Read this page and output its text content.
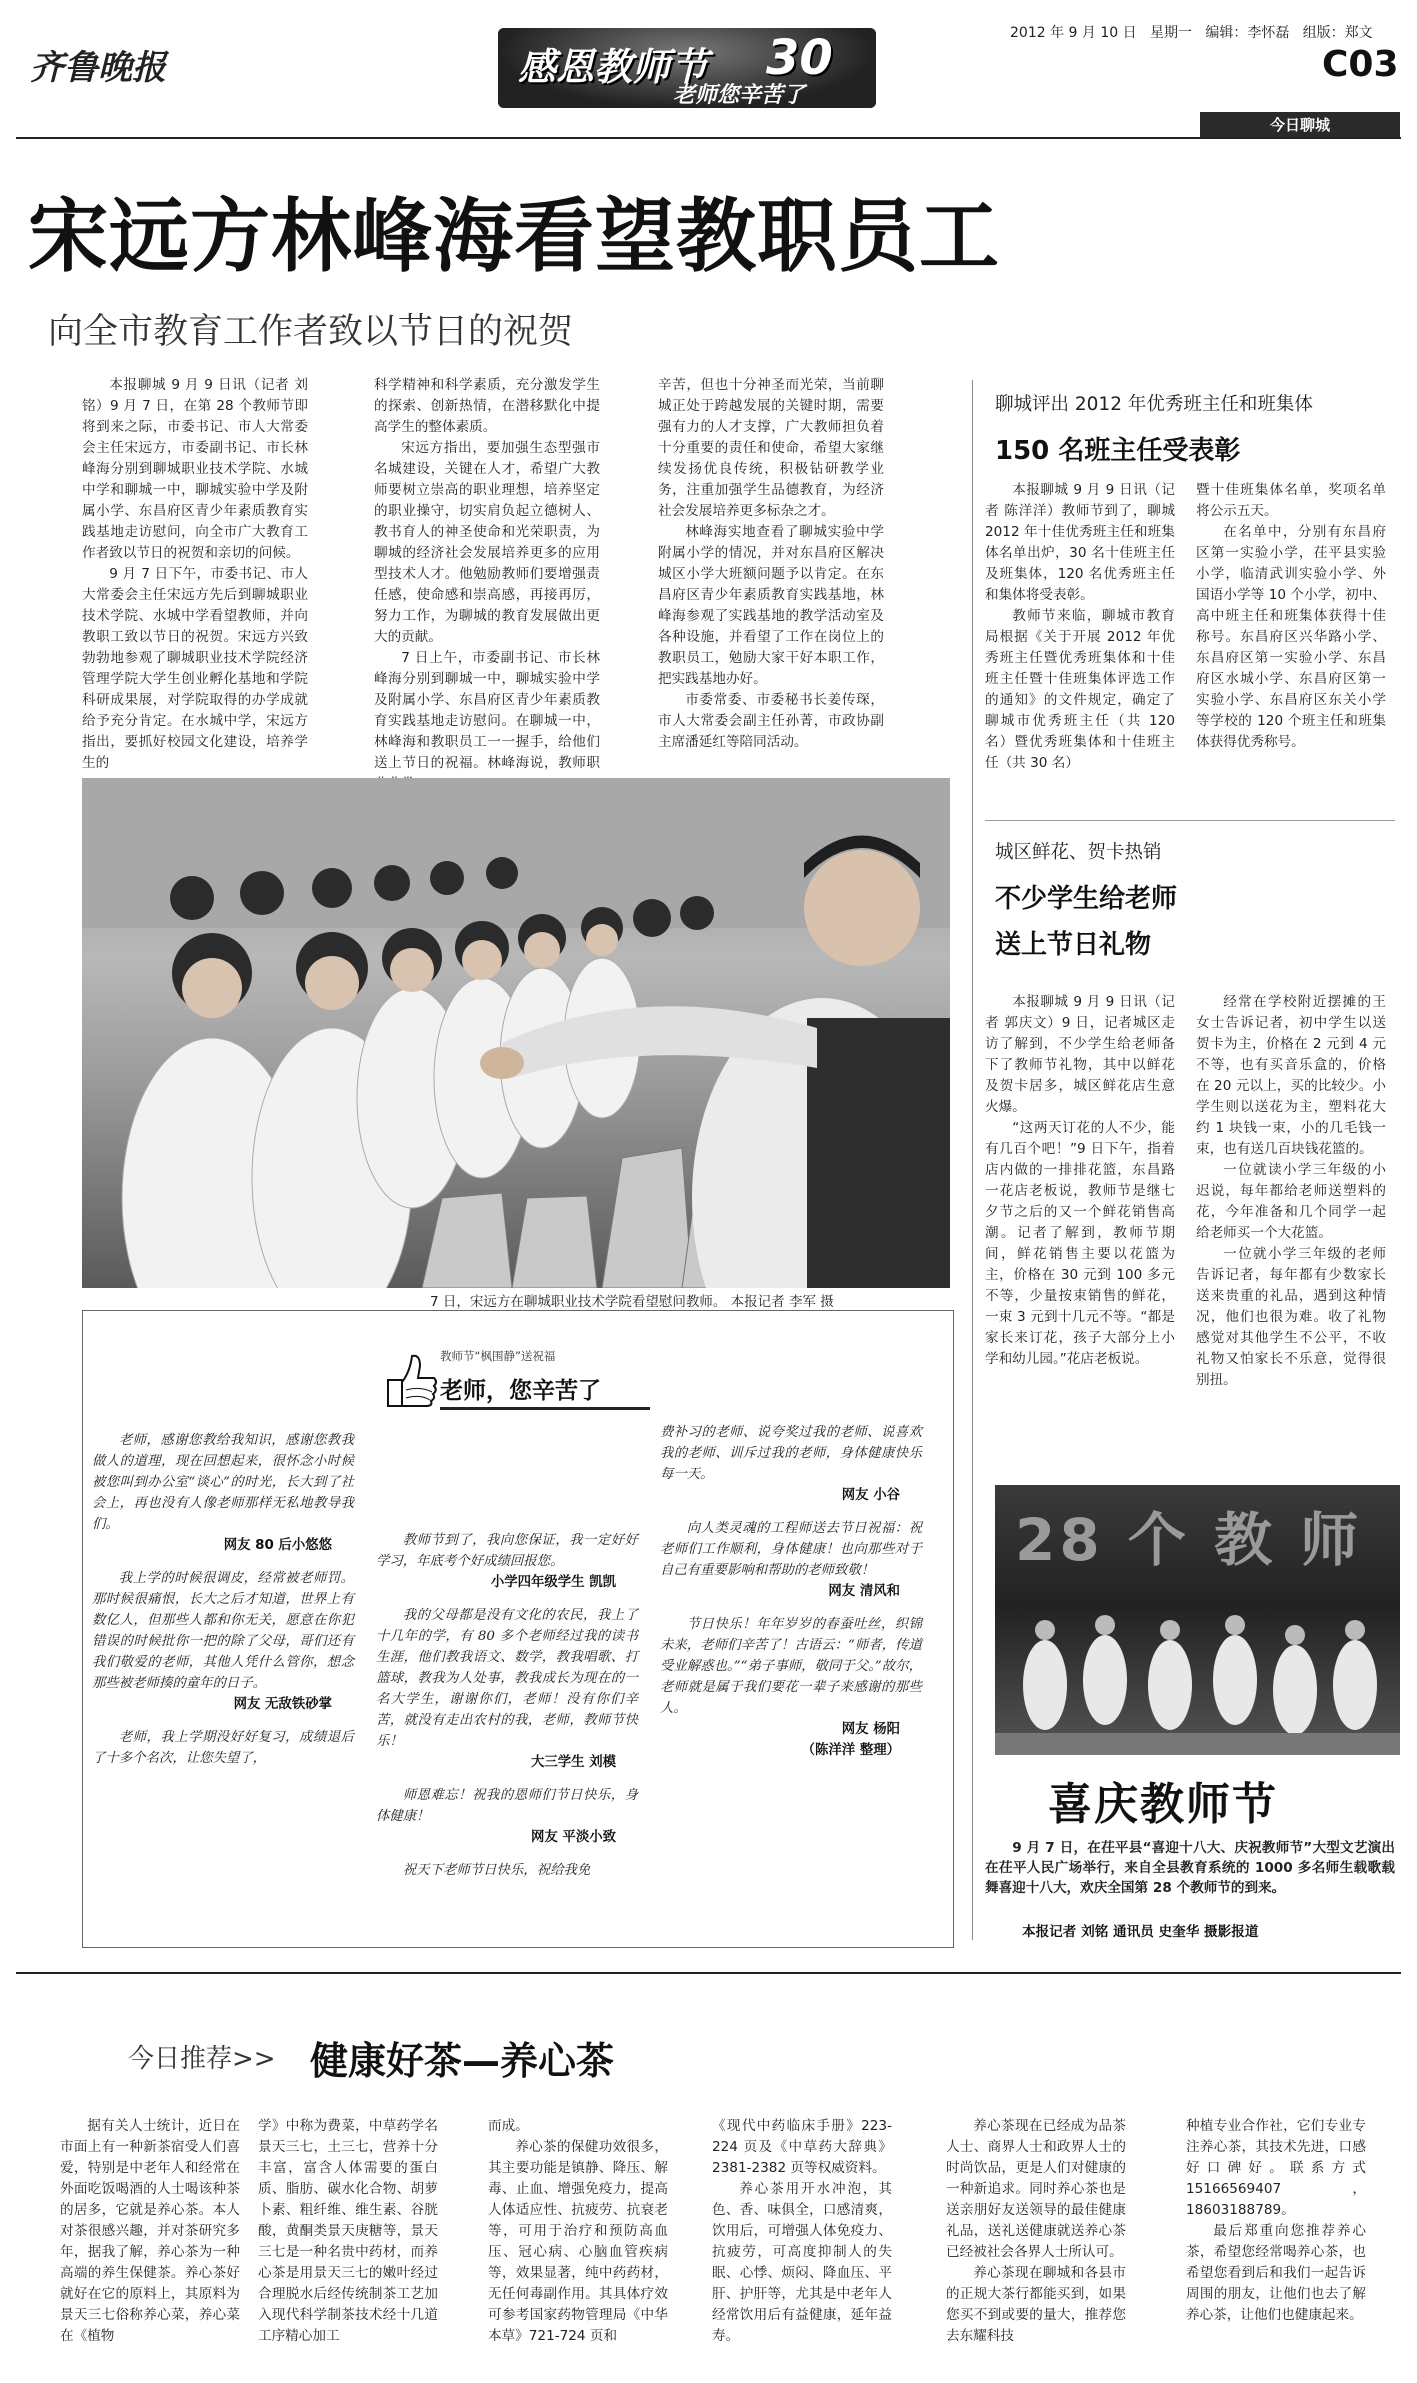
齐鲁晚报	感恩教师节 30
老师您辛苦了
2012 年 9 月 10 日 星期一 编辑：李怀磊 组版：郑文
C03
今日聊城
宋远方林峰海看望教职员工
向全市教育工作者致以节日的祝贺

本报聊城 9 月 9 日讯（记者 刘铭）9 月 7 日，在第 28 个教师节即将到来之际，市委书记、市人大常委会主任宋远方，市委副书记、市长林峰海分别到聊城职业技术学院、水城中学和聊城一中，聊城实验中学及附属小学、东昌府区青少年素质教育实践基地走访慰问，向全市广大教育工作者致以节日的祝贺和亲切的问候。

9 月 7 日下午，市委书记、市人大常委会主任宋远方先后到聊城职业技术学院、水城中学看望教师，并向教职工致以节日的祝贺。宋远方兴致勃勃地参观了聊城职业技术学院经济管理学院大学生创业孵化基地和学院科研成果展，对学院取得的办学成就给予充分肯定。在水城中学，宋远方指出，要抓好校园文化建设，培养学生的

科学精神和科学素质，充分激发学生的探索、创新热情，在潜移默化中提高学生的整体素质。

宋远方指出，要加强生态型强市名城建设，关键在人才，希望广大教师要树立崇高的职业理想，培养坚定的职业操守，切实肩负起立德树人、教书育人的神圣使命和光荣职责，为聊城的经济社会发展培养更多的应用型技术人才。他勉励教师们要增强责任感，使命感和崇高感，再接再厉，努力工作，为聊城的教育发展做出更大的贡献。

7 日上午，市委副书记、市长林峰海分别到聊城一中，聊城实验中学及附属小学、东昌府区青少年素质教育实践基地走访慰问。在聊城一中，林峰海和教职员工一一握手，给他们送上节日的祝福。林峰海说，教师职

辛苦，但也十分神圣而光荣，当前聊城正处于跨越发展的关键时期，需要强有力的人才支撑，广大教师担负着十分重要的责任和使命，希望大家继续发扬优良传统，积极钻研教学业务，注重加强学生品德教育，为经济社会发展培养更多标杂之才。

林峰海实地查看了聊城实验中学附属小学的情况，并对东昌府区解决城区小学大班额问题予以肯定。在东昌府区青少年素质教育实践基地，林峰海参观了实践基地的教学活动室及各种设施，并看望了工作在岗位上的教职员工，勉励大家干好本职工作，把实践基地办好。

市委常委、市委秘书长姜传琛，市人大常委会副主任孙菁，市政协副主席潘延红等陪同活动。

7 日，宋远方在聊城职业技术学院看望慰问教师。 本报记者 李军 摄
聊城评出 2012 年优秀班主任和班集体
150 名班主任受表彰

本报聊城 9 月 9 日讯（记者 陈洋洋）教师节到了，聊城 2012 年十佳优秀班主任和班集体名单出炉，30 名十佳班主任及班集体，120 名优秀班主任和集体将受表彰。

教师节来临，聊城市教育局根据《关于开展 2012 年优秀班主任暨优秀班集体和十佳班主任暨十佳班集体评选工作的通知》的文件规定，确定了聊城市优秀班主任（共 120 名）暨优秀班集体和十佳班主任（共 30 名）

暨十佳班集体名单，奖项名单将公示五天。

在名单中，分别有东昌府区第一实验小学，茌平县实验小学，临清武训实验小学、外国语小学等 10 个小学，初中、高中班主任和班集体获得十佳称号。东昌府区兴华路小学、东昌府区第一实验小学、东昌府区水城小学、东昌府区第一实验小学、东昌府区东关小学等学校的 120 个班主任和班集体获得优秀称号。

城区鲜花、贺卡热销
不少学生给老师
送上节日礼物

本报聊城 9 月 9 日讯（记者 郭庆文）9 日，记者城区走访了解到，不少学生给老师备下了教师节礼物，其中以鲜花及贺卡居多，城区鲜花店生意火爆。

“这两天订花的人不少，能有几百个吧！”9 日下午，指着店内做的一排排花篮，东昌路一花店老板说，教师节是继七夕节之后的又一个鲜花销售高潮。记者了解到，教师节期间，鲜花销售主要以花篮为主，价格在 30 元到 100 多元不等，少量按束销售的鲜花，一束 3 元到十几元不等。“都是家长来订花，孩子大部分上小学和幼儿园。”花店老板说。

经常在学校附近摆摊的王女士告诉记者，初中学生以送贺卡为主，价格在 2 元到 4 元不等，也有买音乐盒的，价格在 20 元以上，买的比较少。小学生则以送花为主，塑料花大约 1 块钱一束，小的几毛钱一束，也有送几百块钱花篮的。

一位就读小学三年级的小迟说，每年都给老师送塑料的花，今年准备和几个同学一起给老师买一个大花篮。

一位就小学三年级的老师告诉记者，每年都有少数家长送来贵重的礼品，遇到这种情况，他们也很为难。收了礼物感觉对其他学生不公平，不收礼物又怕家长不乐意，觉得很别扭。

28 个 教 师
喜庆教师节
9 月 7 日，在茌平县“喜迎十八大、庆祝教师节”大型文艺演出在茌平人民广场举行，来自全县教育系统的 1000 多名师生载歌载舞喜迎十八大，欢庆全国第 28 个教师节的到来。
本报记者 刘铭 通讯员 史奎华 摄影报道
教师节“枫围静”送祝福
老师，您辛苦了

老师，感谢您教给我知识，感谢您教我做人的道理，现在回想起来，很怀念小时候被您叫到办公室“谈心”的时光，长大到了社会上，再也没有人像老师那样无私地教导我们。

网友 80 后小悠悠

我上学的时候很调皮，经常被老师罚。那时候很痛恨，长大之后才知道，世界上有数亿人，但那些人都和你无关，愿意在你犯错误的时候批你一把的除了父母，哥们还有我们敬爱的老师，其他人凭什么管你，想念那些被老师揍的童年的日子。

网友 无敌铁砂掌

老师，我上学期没好好复习，成绩退后了十多个名次，让您失望了，

教师节到了，我向您保证，我一定好好学习，年底考个好成绩回报您。

小学四年级学生 凯凯

我的父母都是没有文化的农民，我上了十几年的学，有 80 多个老师经过我的读书生涯，他们教我语文、数学，教我唱歌、打篮球，教我为人处事，教我成长为现在的一名大学生，谢谢你们，老师！没有你们辛苦，就没有走出农村的我，老师，教师节快乐！

大三学生 刘模

师恩难忘！祝我的恩师们节日快乐，身体健康！

网友 平淡小致

祝天下老师节日快乐，祝给我免

费补习的老师、说夸奖过我的老师、说喜欢我的老师、训斥过我的老师，身体健康快乐每一天。

网友 小谷

向人类灵魂的工程师送去节日祝福：祝老师们工作顺利，身体健康！也向那些对于自己有重要影响和帮助的老师致敬！

网友 清风和

节日快乐！年年岁岁的春蚕吐丝，织锦未来，老师们辛苦了！古语云：“师者，传道受业解惑也。”“弟子事师，敬同于父。”故尔，老师就是属于我们要花一辈子来感谢的那些人。

网友 杨阳
（陈洋洋 整理）
今日推荐>> 健康好茶—养心茶

据有关人士统计，近日在市面上有一种新茶宿受人们喜爱，特别是中老年人和经常在外面吃饭喝酒的人士喝该种茶的居多，它就是养心茶。本人对茶很感兴趣，并对茶研究多年，据我了解，养心茶为一种高端的养生保健茶。养心茶好就好在它的原料上，其原料为景天三七俗称养心菜，养心菜在《植物

学》中称为费菜，中草药学名景天三七，土三七，营养十分丰富，富含人体需要的蛋白质、脂肪、碳水化合物、胡萝卜素、粗纤维、维生素、谷胱酸，黄酮类景天庚糖等，景天三七是一种名贵中药材，而养心茶是用景天三七的嫩叶经过合理脱水后经传统制茶工艺加入现代科学制茶技术经十几道工序精心加工

而成。

养心茶的保健功效很多，其主要功能是镇静、降压、解毒、止血、增强免疫力，提高人体适应性、抗疲劳、抗衰老等，可用于治疗和预防高血压、冠心病、心脑血管疾病等，效果显著，纯中药药材，无任何毒副作用。其具体疗效可参考国家药物管理局《中华本草》721-724 页和

《现代中药临床手册》223-224 页及《中草药大辞典》2381-2382 页等权威资料。

养心茶用开水冲泡，其色、香、味俱全，口感清爽，饮用后，可增强人体免疫力、抗疲劳，可高度抑制人的失眠、心悸、烦闷、降血压、平肝、护肝等，尤其是中老年人经常饮用后有益健康，延年益寿。

养心茶现在已经成为品茶人士、商界人士和政界人士的时尚饮品，更是人们对健康的一种新追求。同时养心茶也是送亲朋好友送领导的最佳健康礼品，送礼送健康就送养心茶已经被社会各界人士所认可。

养心茶现在聊城和各县市的正规大茶行都能买到，如果您买不到或要的量大，推荐您去东耀科技

种植专业合作社，它们专业专注养心茶，其技术先进，口感好口碑好。联系方式 15166569407，18603188789。

最后郑重向您推荐养心茶，希望您经常喝养心茶，也希望您看到后和我们一起告诉周围的朋友，让他们也去了解养心茶，让他们也健康起来。
